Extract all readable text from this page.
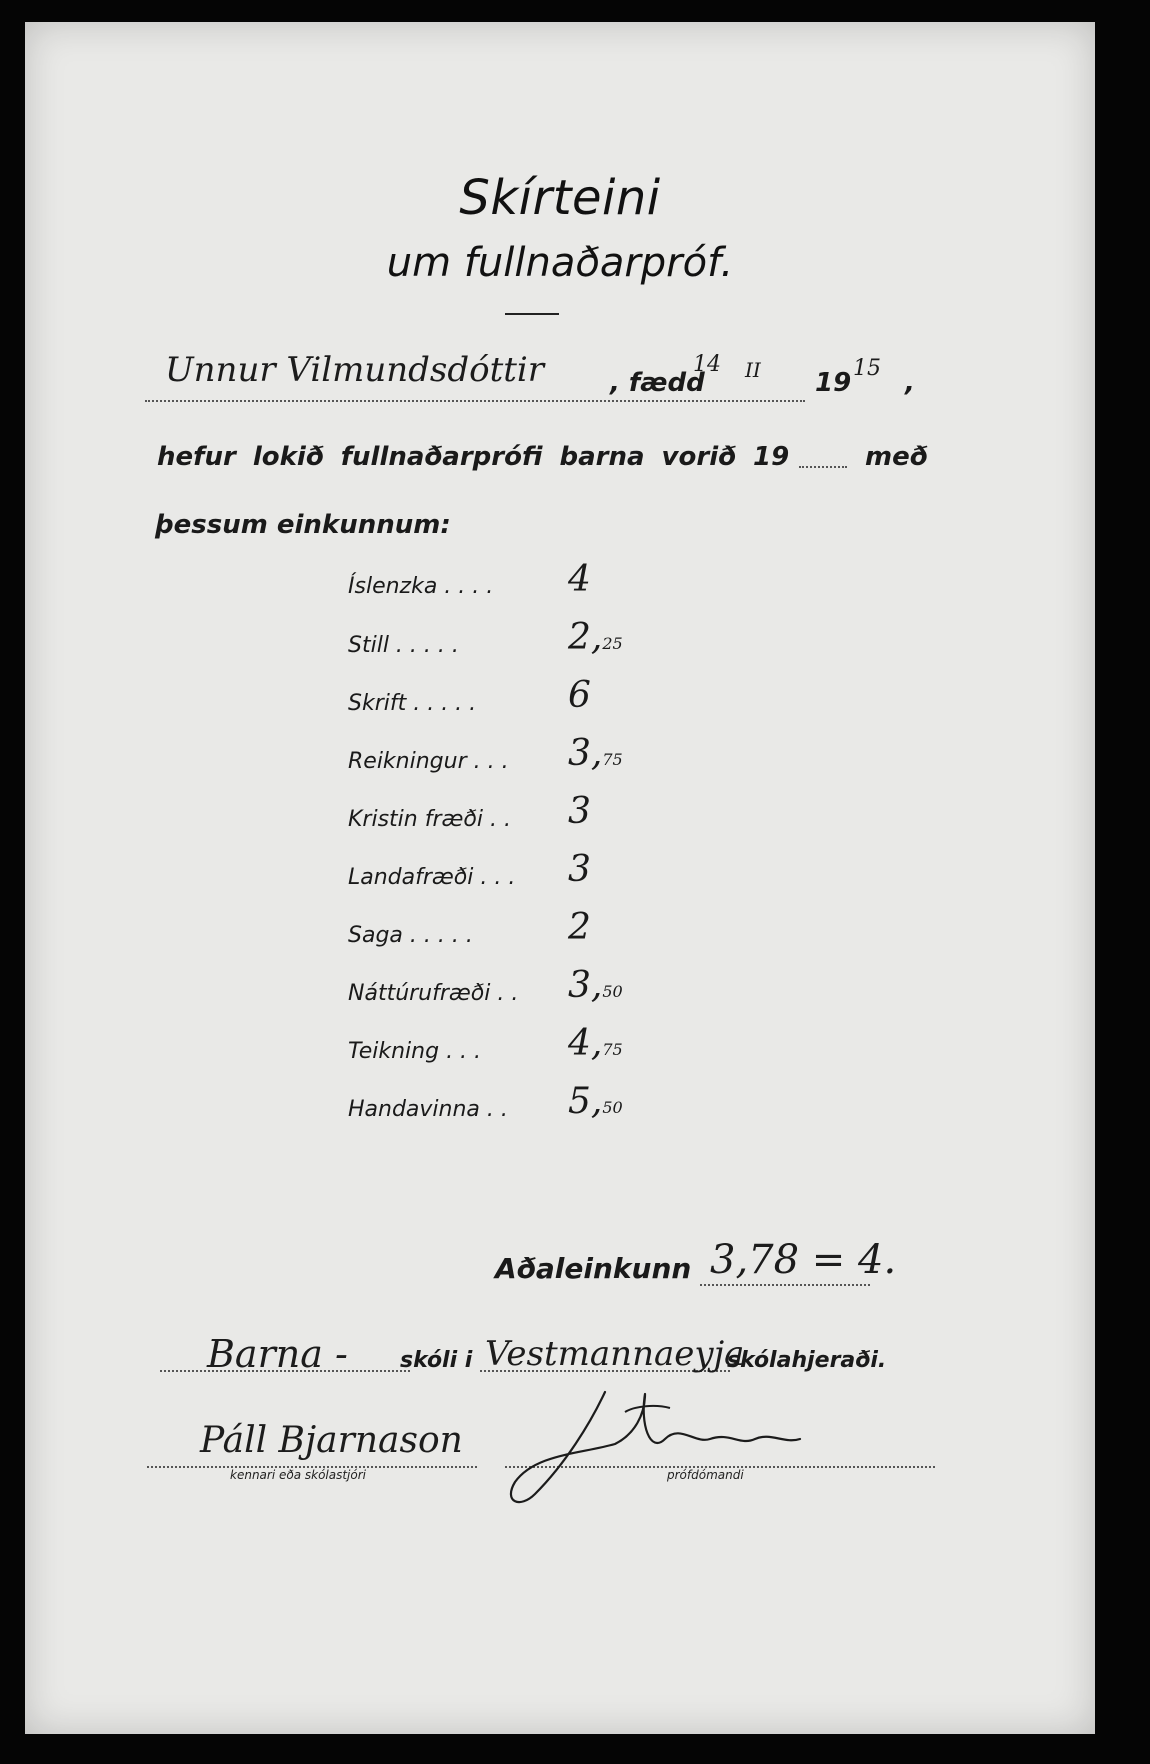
Skírteini
um fullnaðarpróf.
Unnur Vilmundsdóttir	, fædd
14 II 19 15 ,
hefur lokið fullnaðarprófi barna vorið 19	með
þessum einkunnum:
Íslenzka . . . . 4
Still . . . . .	2,25
Skrift . . . . .	6
Reikningur . . . 3,75
Kristin fræði . . 3
Landafræði . . . 3
Saga . . . . .	2
Náttúrufræði . . 3,50
Teikning . . . 4,75
Handavinna . . 5,50
Aðaleinkunn 3,78 = 4.
Barna - skóli i Vestmannaeyja
skólahjeraði.
Páll Bjarnason
kennari eða skólastjóri	prófdómandi
